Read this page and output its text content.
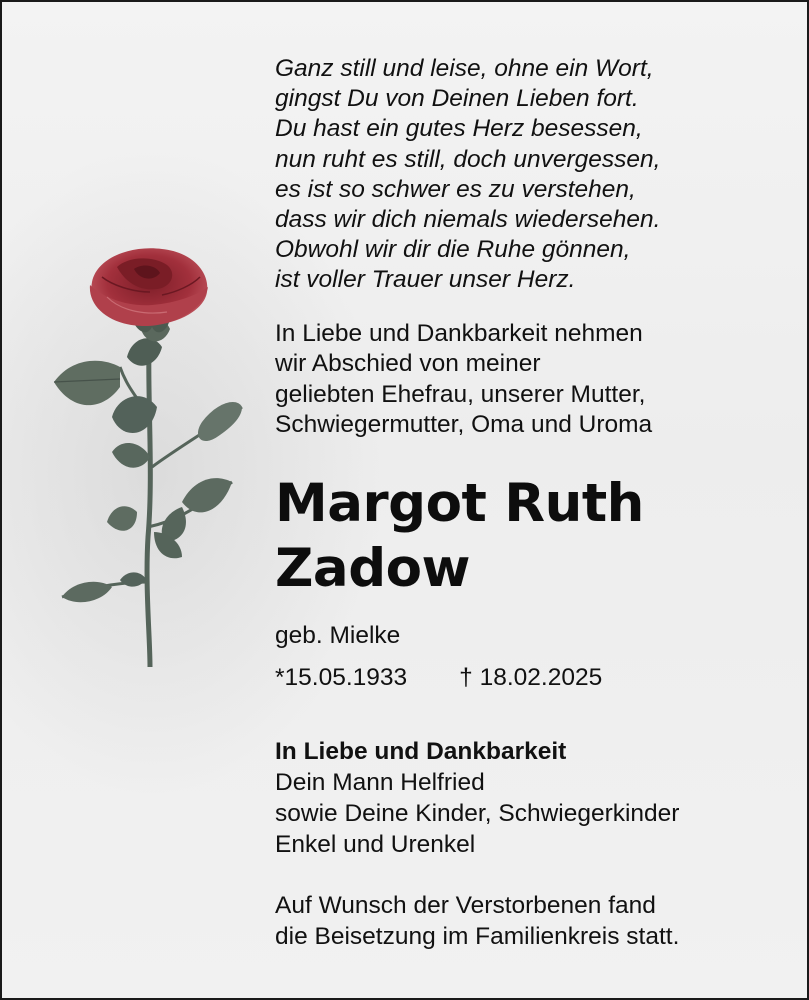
Ganz still und leise, ohne ein Wort,
gingst Du von Deinen Lieben fort.
Du hast ein gutes Herz besessen,
nun ruht es still, doch unvergessen,
es ist so schwer es zu verstehen,
dass wir dich niemals wiedersehen.
Obwohl wir dir die Ruhe gönnen,
ist voller Trauer unser Herz.
In Liebe und Dankbarkeit nehmen
wir Abschied von meiner
geliebten Ehefrau, unserer Mutter,
Schwiegermutter, Oma und Uroma
Margot Ruth
Zadow
geb. Mielke
*15.05.1933 † 18.02.2025
In Liebe und Dankbarkeit
Dein Mann Helfried
sowie Deine Kinder, Schwiegerkinder
Enkel und Urenkel
Auf Wunsch der Verstorbenen fand
die Beisetzung im Familienkreis statt.
